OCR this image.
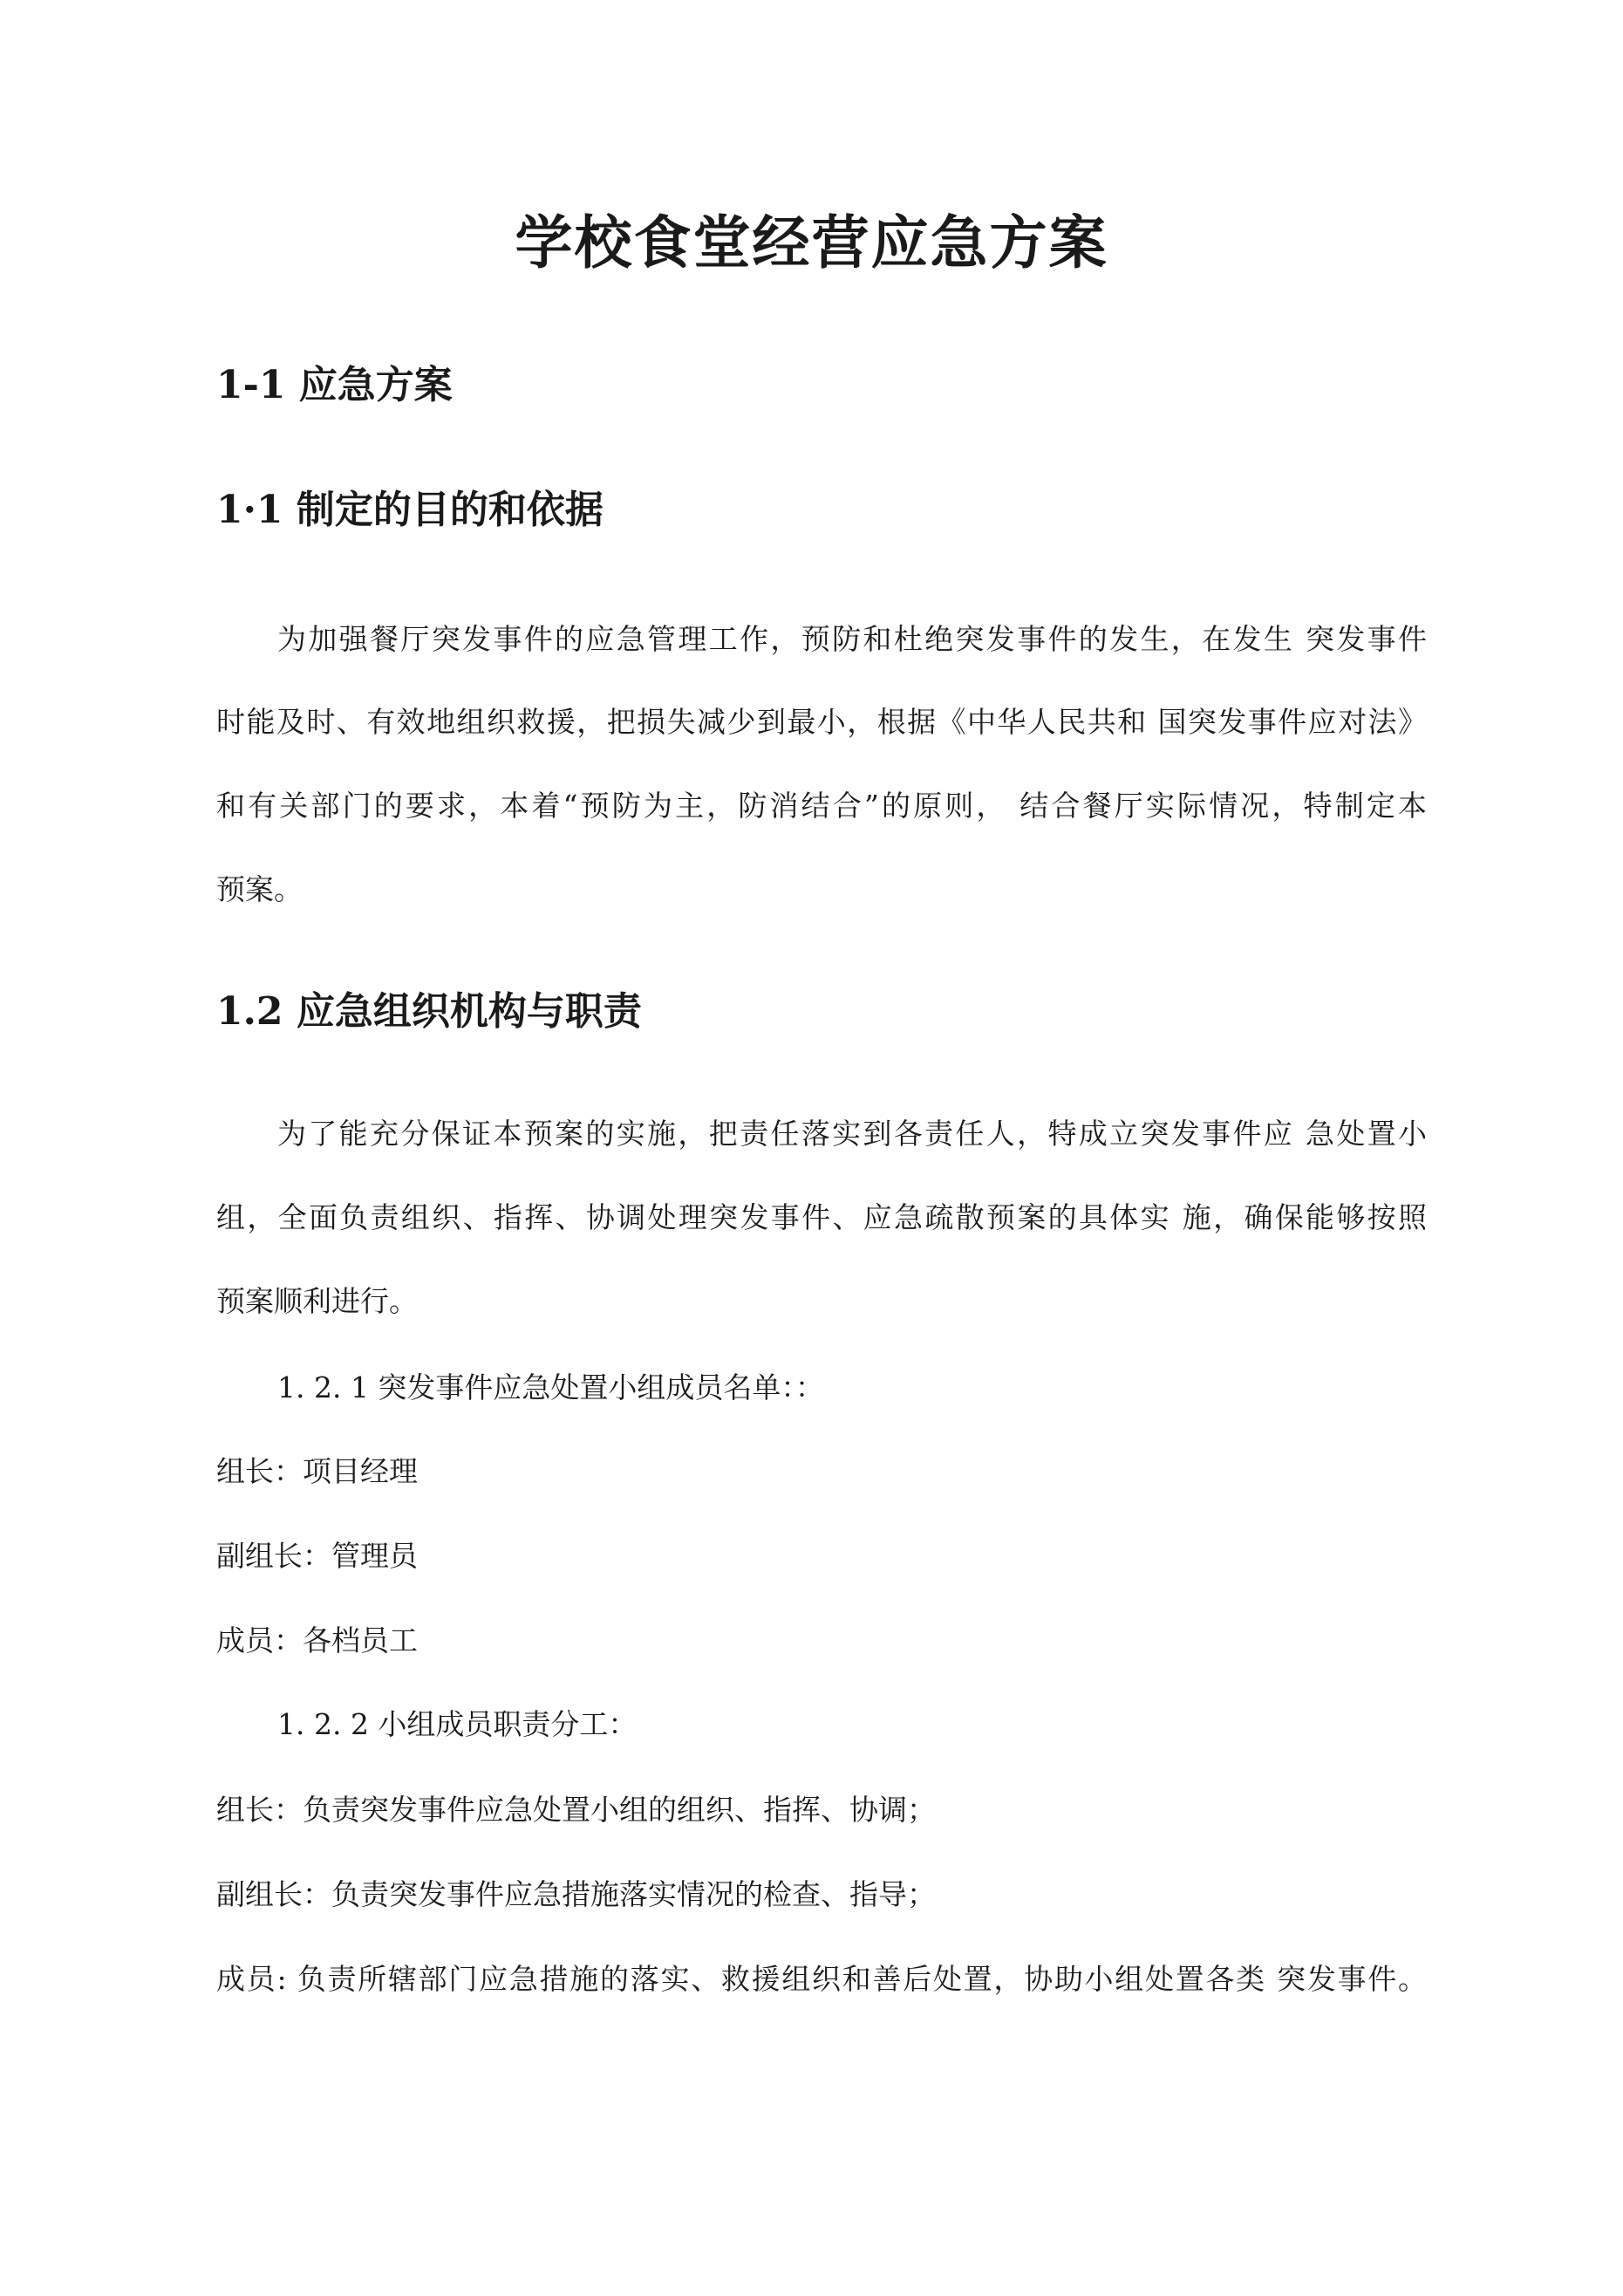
学校食堂经营应急方案
1-1 应急方案
1·1 制定的目的和依据

为加强餐厅突发事件的应急管理工作，预防和杜绝突发事件的发生，在发生 突发事件

时能及时、有效地组织救援，把损失减少到最小，根据《中华人民共和 国突发事件应对法》

和有关部门的要求，本着“预防为主，防消结合”的原则， 结合餐厅实际情况，特制定本

预案。

1.2 应急组织机构与职责

为了能充分保证本预案的实施，把责任落实到各责任人，特成立突发事件应 急处置小

组，全面负责组织、指挥、协调处理突发事件、应急疏散预案的具体实 施，确保能够按照

预案顺利进行。

1. 2. 1 突发事件应急处置小组成员名单：：

组长：项目经理

副组长：管理员

成员：各档员工

1. 2. 2 小组成员职责分工：

组长：负责突发事件应急处置小组的组织、指挥、协调；

副组长：负责突发事件应急措施落实情况的检查、指导；

成员: 负责所辖部门应急措施的落实、救援组织和善后处置，协助小组处置各类 突发事件。
